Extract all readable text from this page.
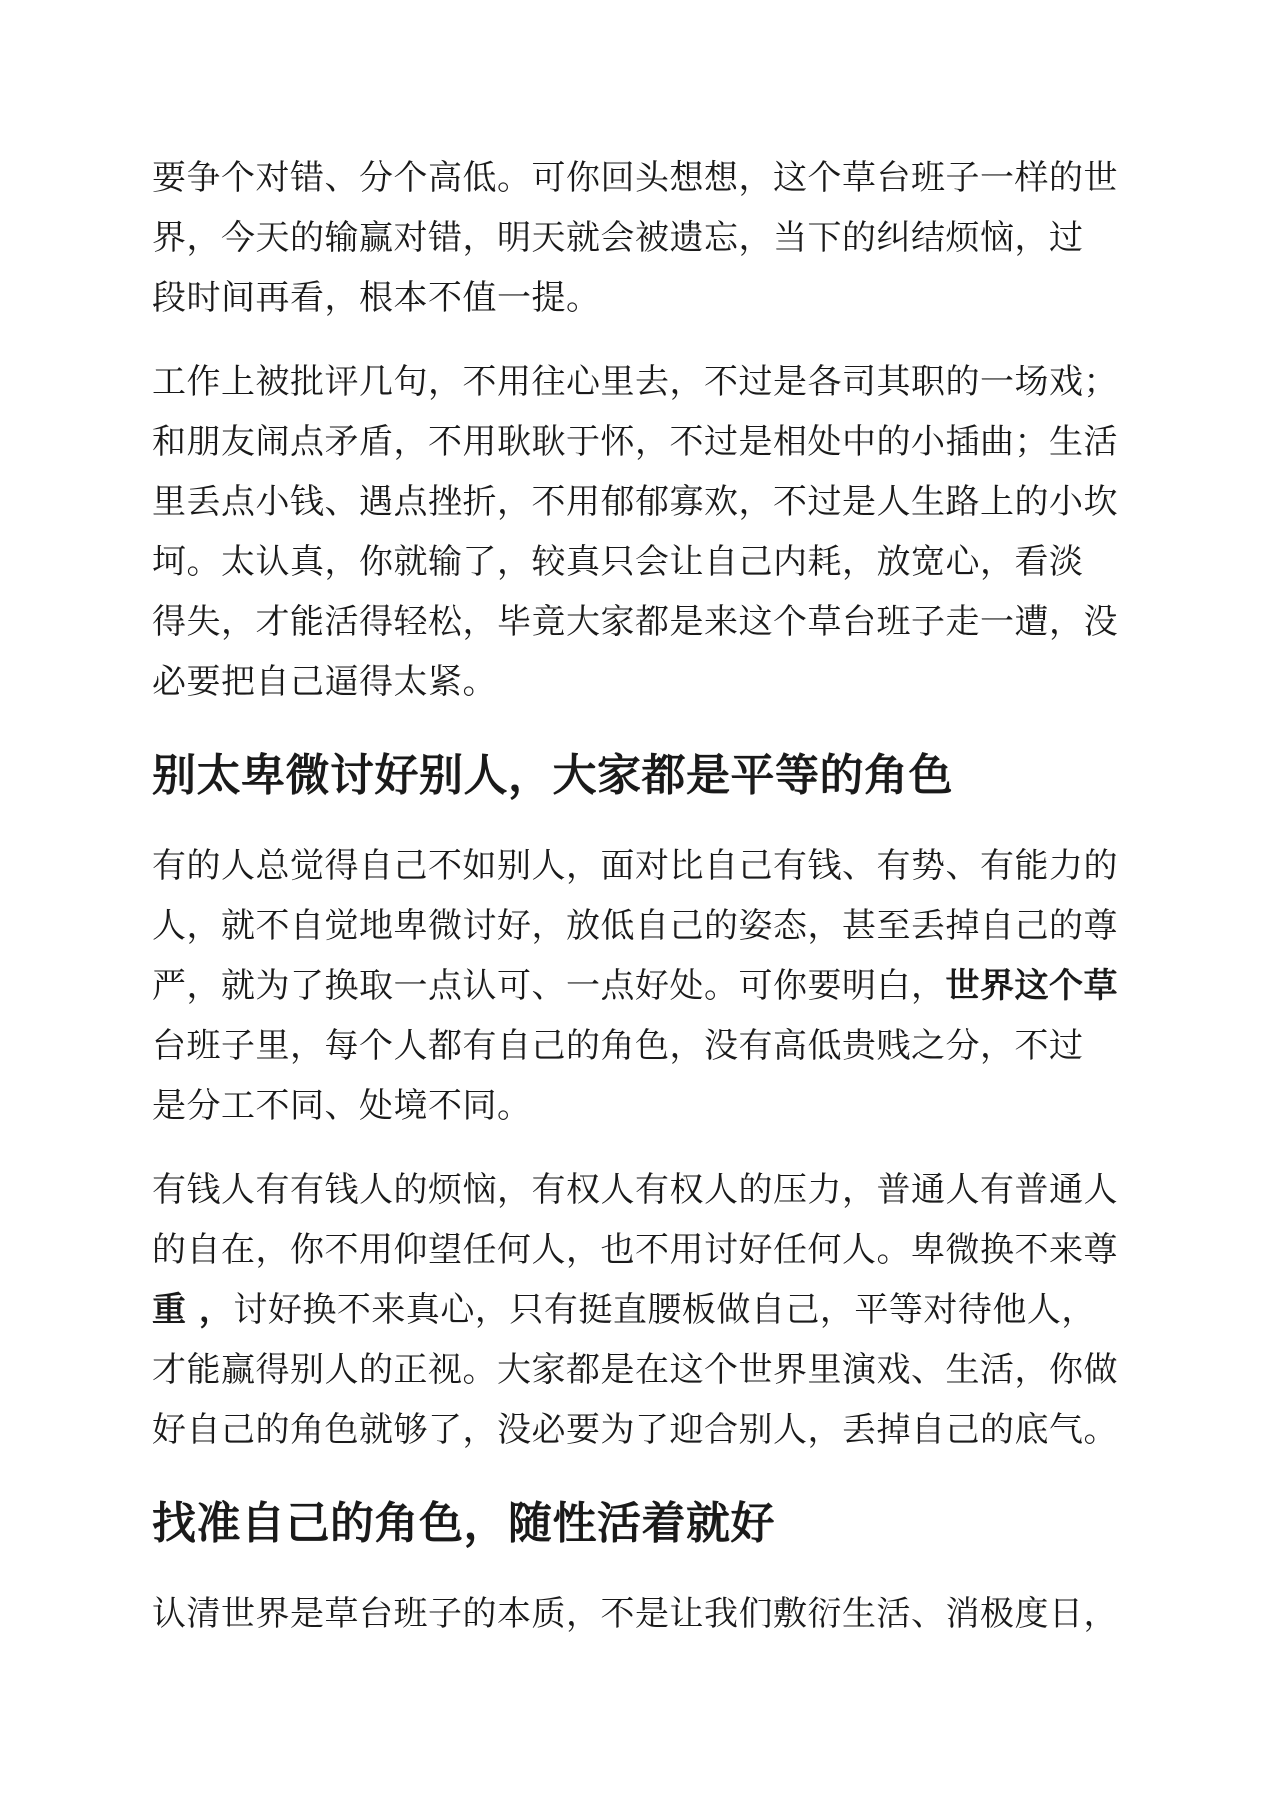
要争个对错、分个高低。可你回头想想，这个草台班子一样的世
界，今天的输赢对错，明天就会被遗忘，当下的纠结烦恼，过
段时间再看，根本不值一提。

工作上被批评几句，不用往心里去，不过是各司其职的一场戏；
和朋友闹点矛盾，不用耿耿于怀，不过是相处中的小插曲；生活
里丢点小钱、遇点挫折，不用郁郁寡欢，不过是人生路上的小坎
坷。太认真，你就输了，较真只会让自己内耗，放宽心，看淡
得失，才能活得轻松，毕竟大家都是来这个草台班子走一遭，没
必要把自己逼得太紧。

别太卑微讨好别人，大家都是平等的角色

有的人总觉得自己不如别人，面对比自己有钱、有势、有能力的
人，就不自觉地卑微讨好，放低自己的姿态，甚至丢掉自己的尊
严，就为了换取一点认可、一点好处。可你要明白，世界这个草
台班子里，每个人都有自己的角色，没有高低贵贱之分，不过
是分工不同、处境不同。

有钱人有有钱人的烦恼，有权人有权人的压力，普通人有普通人
的自在，你不用仰望任何人，也不用讨好任何人。卑微换不来尊
重 ，讨好换不来真心，只有挺直腰板做自己，平等对待他人，
才能赢得别人的正视。大家都是在这个世界里演戏、生活，你做
好自己的角色就够了，没必要为了迎合别人，丢掉自己的底气。

找准自己的角色，随性活着就好

认清世界是草台班子的本质，不是让我们敷衍生活、消极度日，
